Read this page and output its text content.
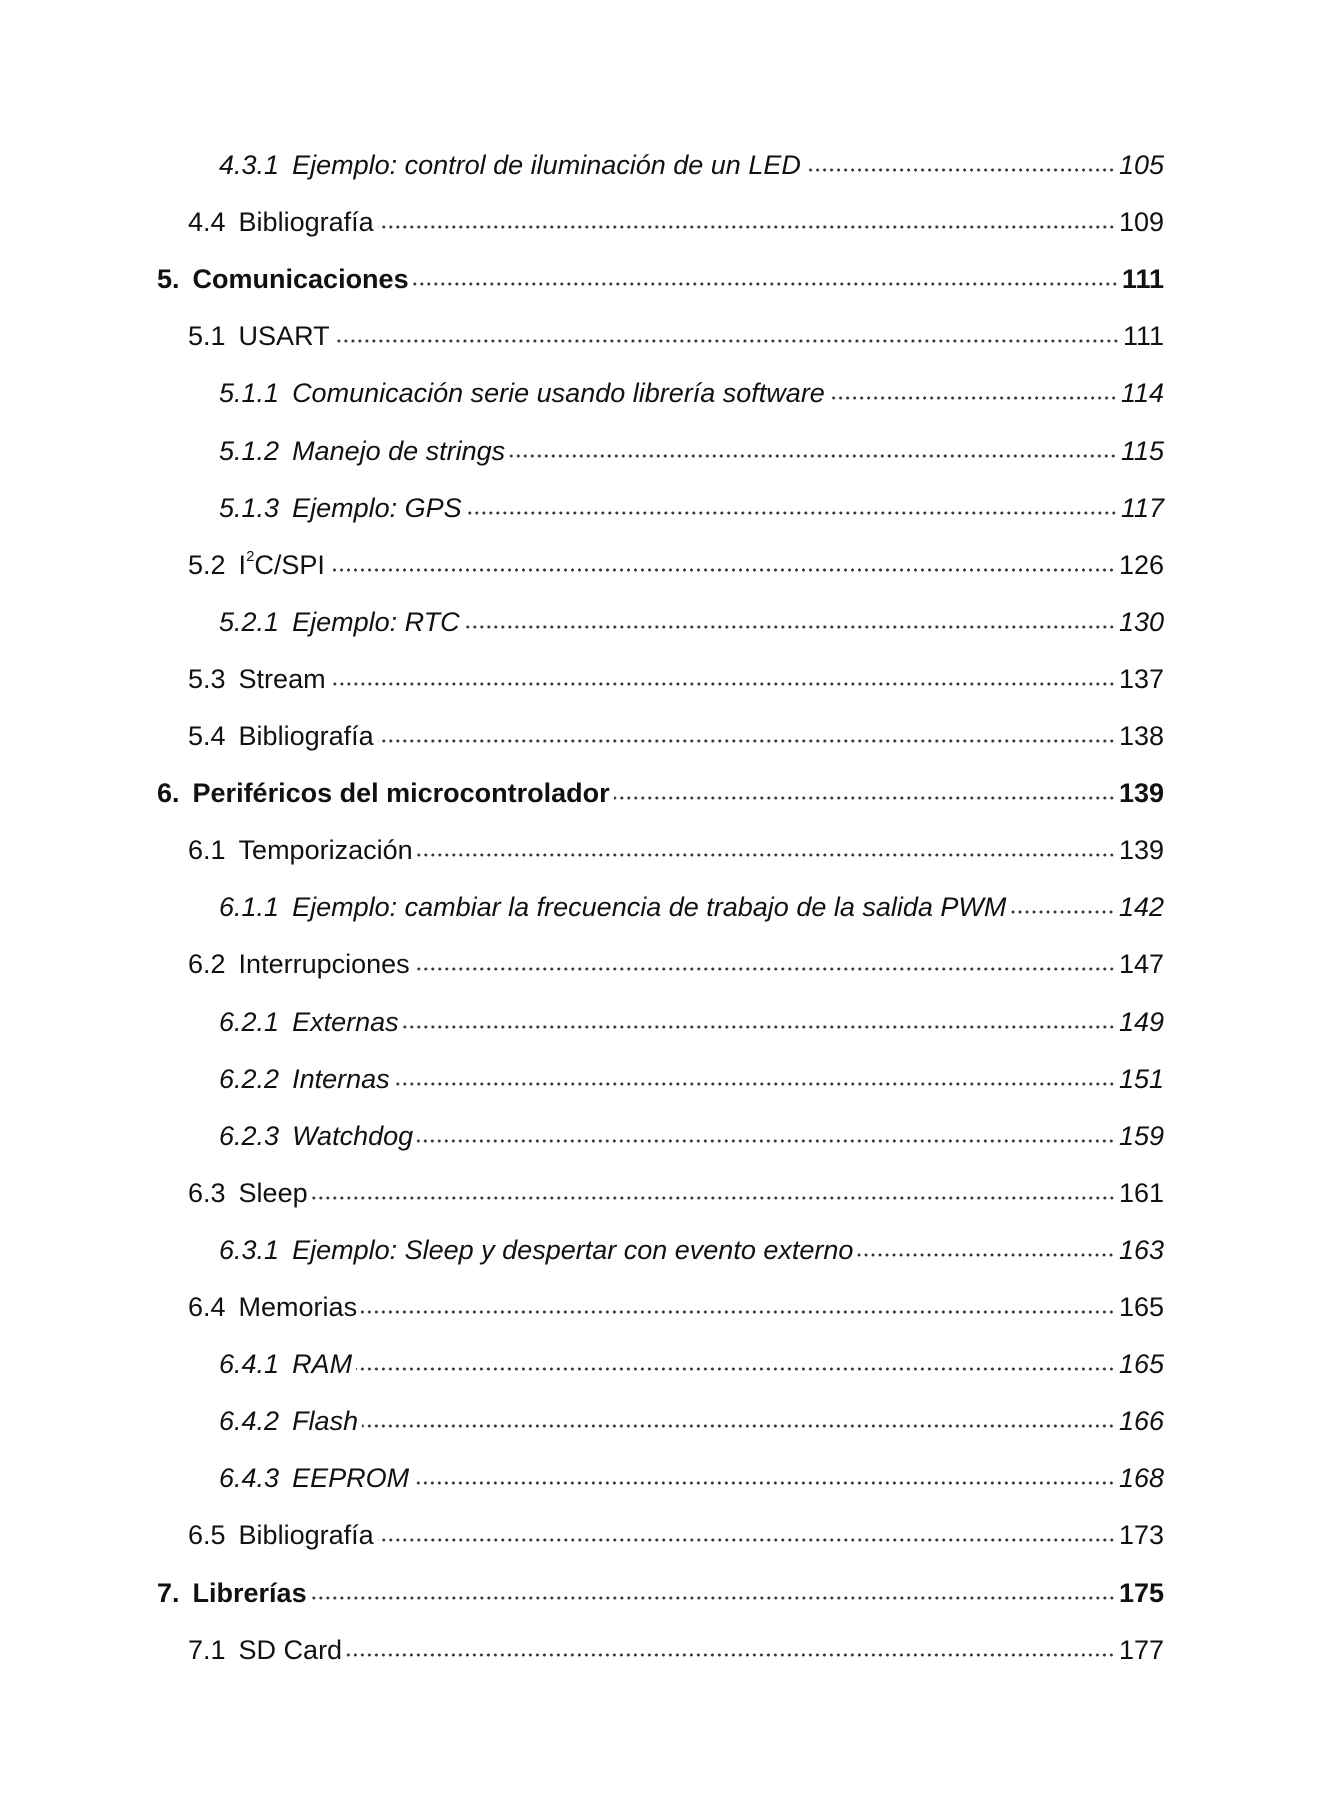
4.3.1 Ejemplo: control de iluminación de un LED	105
4.4 Bibliografía	109
5. Comunicaciones	111
5.1 USART	111
5.1.1 Comunicación serie usando librería software	114
5.1.2 Manejo de strings	115
5.1.3 Ejemplo: GPS	117
5.2 $I^2C$/SPI	126
5.2.1 Ejemplo: RTC	130
5.3 Stream	137
5.4 Bibliografía	138
6. Periféricos del microcontrolador	139
6.1 Temporización	139
6.1.1 Ejemplo: cambiar la frecuencia de trabajo de la salida PWM	142
6.2 Interrupciones	147
6.2.1 Externas	149
6.2.2 Internas	151
6.2.3 Watchdog	159
6.3 Sleep	161
6.3.1 Ejemplo: Sleep y despertar con evento externo	163
6.4 Memorias	165
6.4.1 RAM	165
6.4.2 Flash	166
6.4.3 EEPROM	168
6.5 Bibliografía	173
7. Librerías	175
7.1 SD Card	177
